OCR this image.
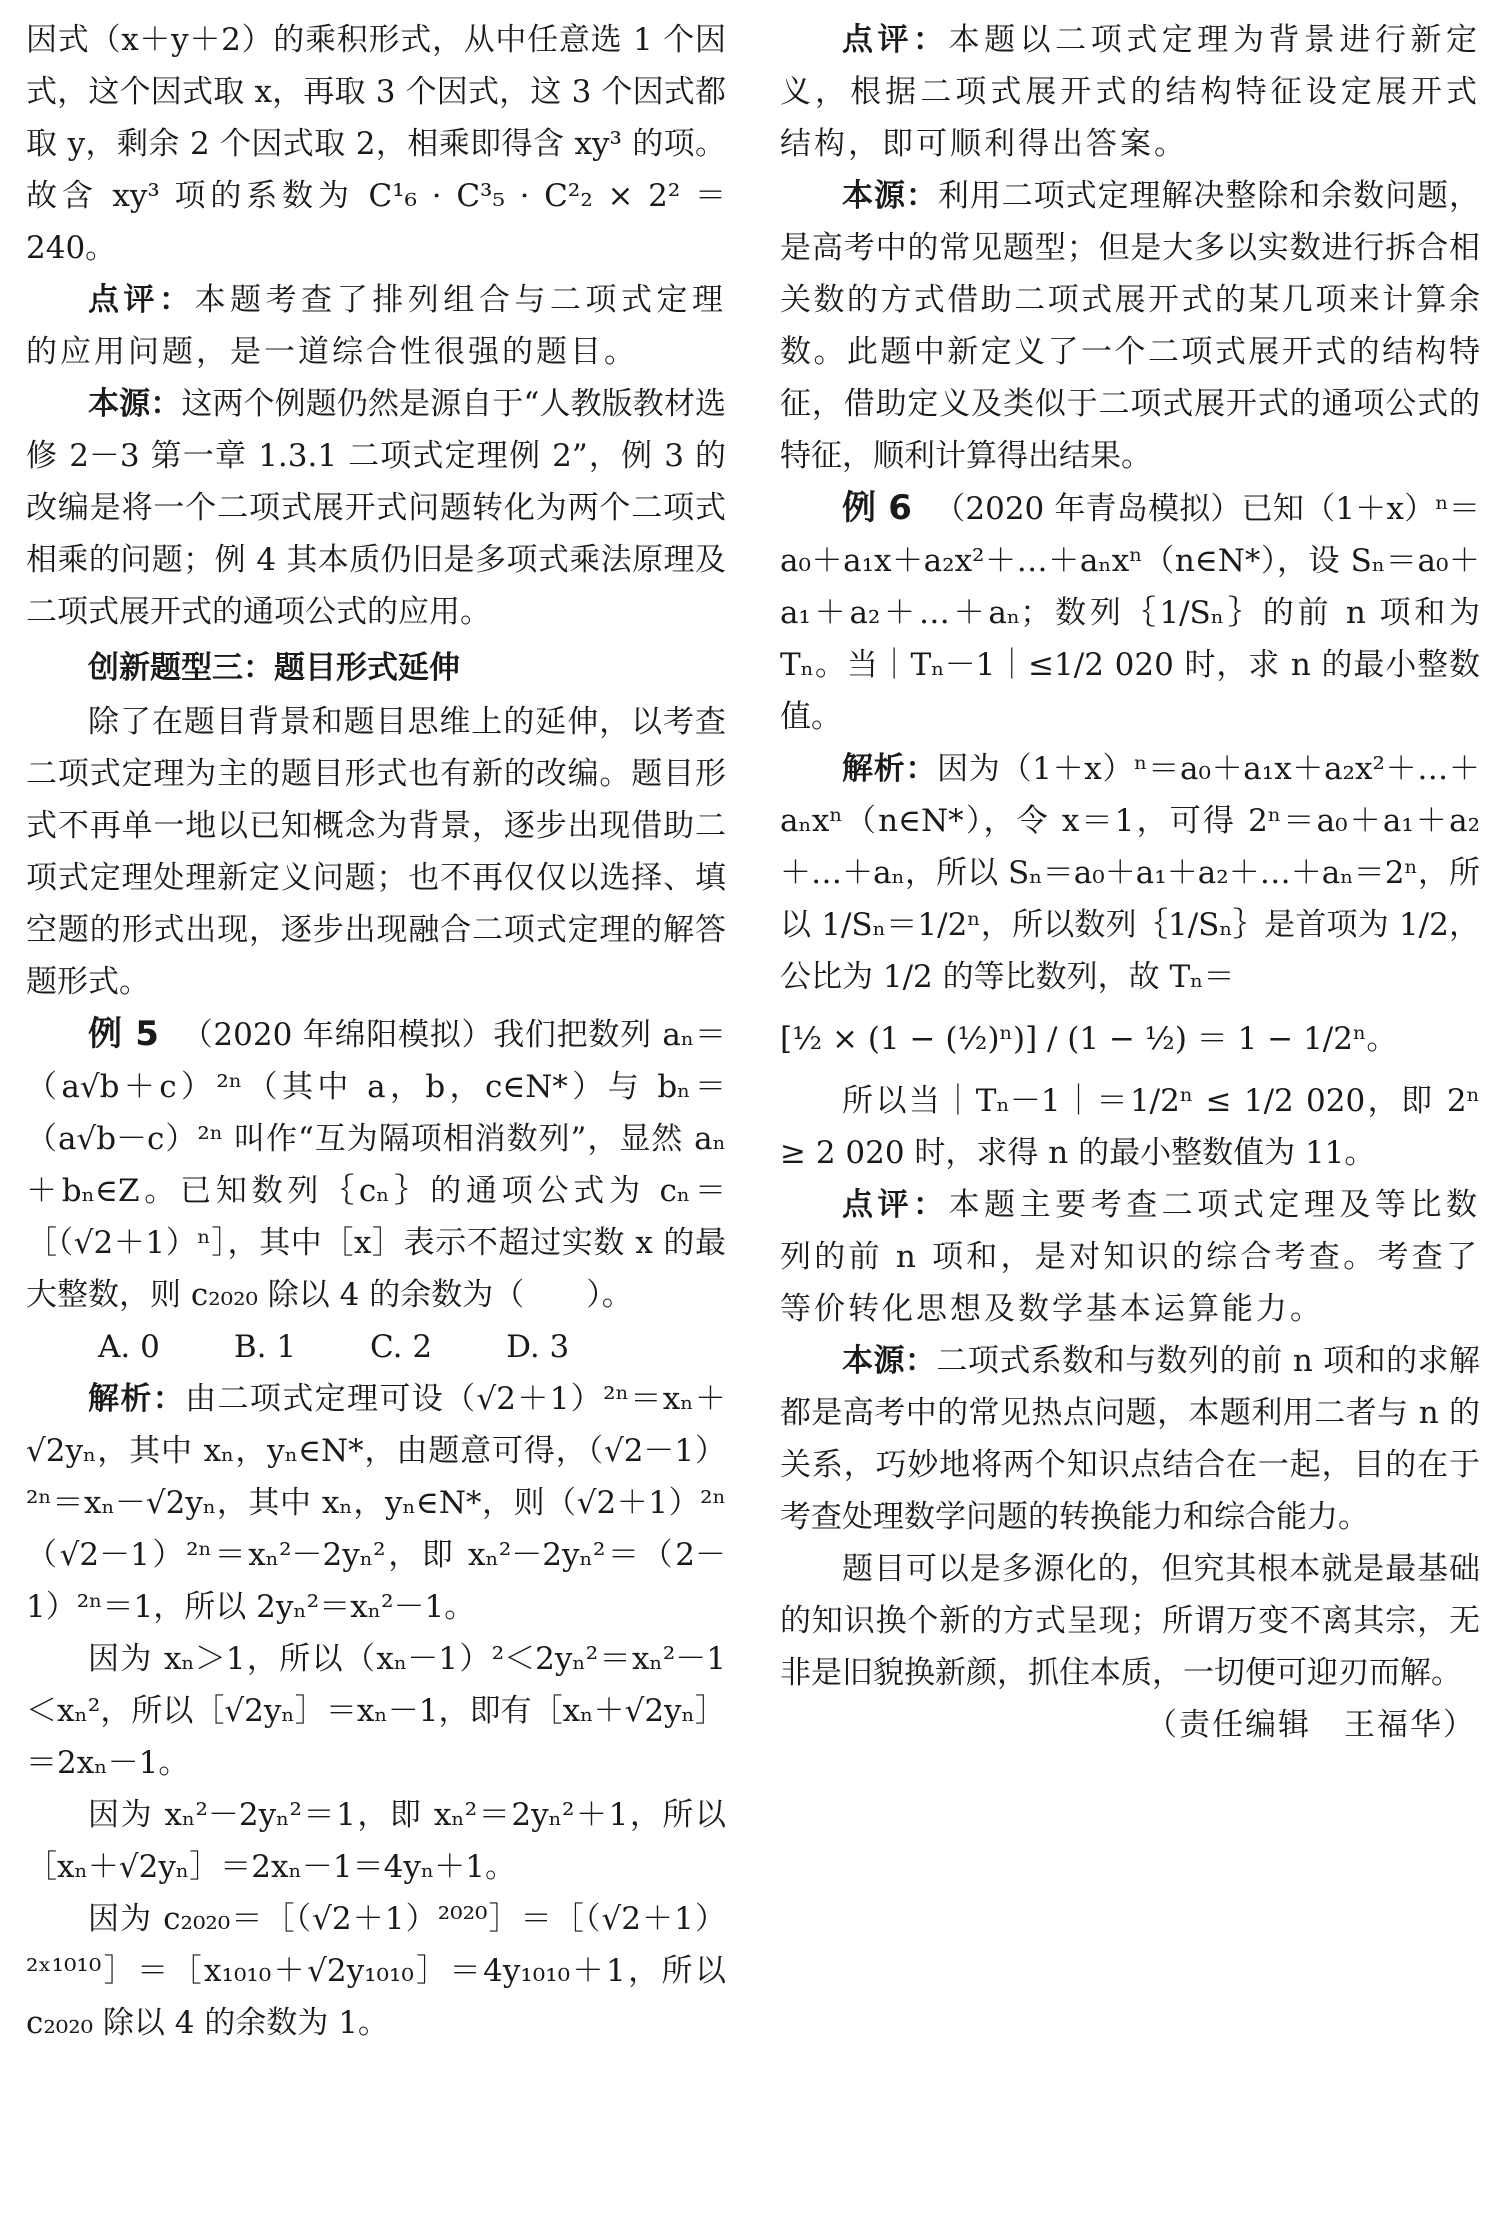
因式（x＋y＋2）的乘积形式，从中任意选 1 个因式，这个因式取 x，再取 3 个因式，这 3 个因式都取 y，剩余 2 个因式取 2，相乘即得含 xy³ 的项。故含 xy³ 项的系数为 C¹₆ · C³₅ · C²₂ × 2² ＝ 240。

点评：本题考查了排列组合与二项式定理的应用问题，是一道综合性很强的题目。

本源：这两个例题仍然是源自于“人教版教材选修 2－3 第一章 1.3.1 二项式定理例 2”，例 3 的改编是将一个二项式展开式问题转化为两个二项式相乘的问题；例 4 其本质仍旧是多项式乘法原理及二项式展开式的通项公式的应用。

创新题型三：题目形式延伸

除了在题目背景和题目思维上的延伸，以考查二项式定理为主的题目形式也有新的改编。题目形式不再单一地以已知概念为背景，逐步出现借助二项式定理处理新定义问题；也不再仅仅以选择、填空题的形式出现，逐步出现融合二项式定理的解答题形式。

例 5 （2020 年绵阳模拟）我们把数列 aₙ＝（a√b＋c）²ⁿ（其中 a，b，c∈N*）与 bₙ＝（a√b－c）²ⁿ 叫作“互为隔项相消数列”，显然 aₙ＋bₙ∈Z。已知数列｛cₙ｝的通项公式为 cₙ＝［（√2＋1）ⁿ］，其中［x］表示不超过实数 x 的最大整数，则 c₂₀₂₀ 除以 4 的余数为（　　）。

A. 0 B. 1 C. 2 D. 3

解析：由二项式定理可设（√2＋1）²ⁿ＝xₙ＋√2yₙ，其中 xₙ，yₙ∈N*，由题意可得，（√2－1）²ⁿ＝xₙ－√2yₙ，其中 xₙ，yₙ∈N*，则（√2＋1）²ⁿ（√2－1）²ⁿ＝xₙ²－2yₙ²，即 xₙ²－2yₙ²＝（2－1）²ⁿ＝1，所以 2yₙ²＝xₙ²－1。

因为 xₙ＞1，所以（xₙ－1）²＜2yₙ²＝xₙ²－1＜xₙ²，所以［√2yₙ］＝xₙ－1，即有［xₙ＋√2yₙ］＝2xₙ－1。

因为 xₙ²－2yₙ²＝1，即 xₙ²＝2yₙ²＋1，所以［xₙ＋√2yₙ］＝2xₙ－1＝4yₙ＋1。

因为 c₂₀₂₀＝［（√2＋1）²⁰²⁰］＝［（√2＋1）²ˣ¹⁰¹⁰］＝［x₁₀₁₀＋√2y₁₀₁₀］＝4y₁₀₁₀＋1，所以 c₂₀₂₀ 除以 4 的余数为 1。

点评：本题以二项式定理为背景进行新定义，根据二项式展开式的结构特征设定展开式结构，即可顺利得出答案。

本源：利用二项式定理解决整除和余数问题，是高考中的常见题型；但是大多以实数进行拆合相关数的方式借助二项式展开式的某几项来计算余数。此题中新定义了一个二项式展开式的结构特征，借助定义及类似于二项式展开式的通项公式的特征，顺利计算得出结果。

例 6 （2020 年青岛模拟）已知（1＋x）ⁿ＝a₀＋a₁x＋a₂x²＋…＋aₙxⁿ（n∈N*），设 Sₙ＝a₀＋a₁＋a₂＋…＋aₙ；数列｛1/Sₙ｝的前 n 项和为 Tₙ。当｜Tₙ－1｜≤1/2 020 时，求 n 的最小整数值。

解析：因为（1＋x）ⁿ＝a₀＋a₁x＋a₂x²＋…＋aₙxⁿ（n∈N*），令 x＝1，可得 2ⁿ＝a₀＋a₁＋a₂＋…＋aₙ，所以 Sₙ＝a₀＋a₁＋a₂＋…＋aₙ＝2ⁿ，所以 1/Sₙ＝1/2ⁿ，所以数列｛1/Sₙ｝是首项为 1/2，公比为 1/2 的等比数列，故 Tₙ＝

[½ × (1 − (½)ⁿ)] / (1 − ½) ＝ 1 − 1/2ⁿ。

所以当｜Tₙ－1｜＝1/2ⁿ ≤ 1/2 020，即 2ⁿ ≥ 2 020 时，求得 n 的最小整数值为 11。

点评：本题主要考查二项式定理及等比数列的前 n 项和，是对知识的综合考查。考查了等价转化思想及数学基本运算能力。

本源：二项式系数和与数列的前 n 项和的求解都是高考中的常见热点问题，本题利用二者与 n 的关系，巧妙地将两个知识点结合在一起，目的在于考查处理数学问题的转换能力和综合能力。

题目可以是多源化的，但究其根本就是最基础的知识换个新的方式呈现；所谓万变不离其宗，无非是旧貌换新颜，抓住本质，一切便可迎刃而解。

（责任编辑　王福华）
